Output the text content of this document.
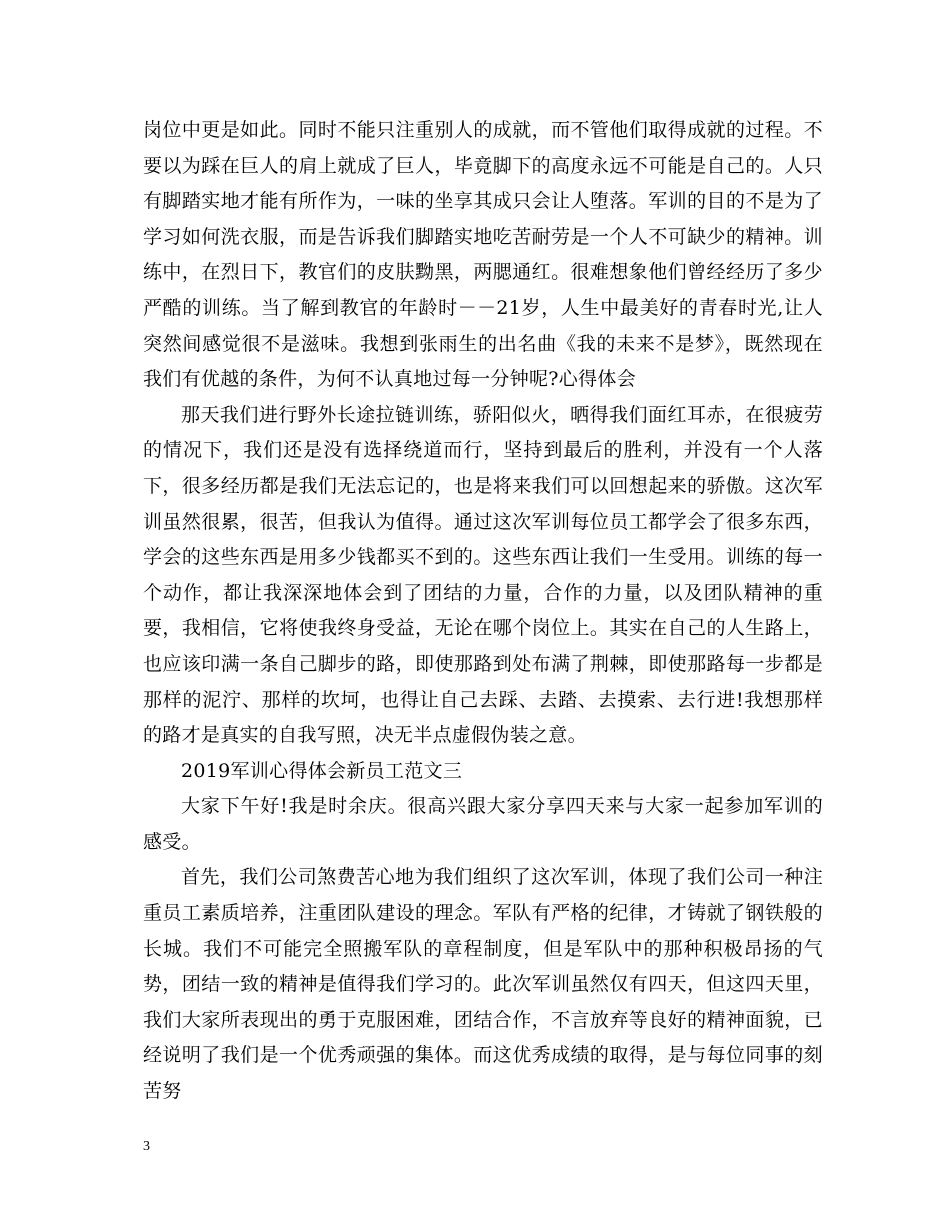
岗位中更是如此。同时不能只注重别人的成就，而不管他们取得成就的过程。不要以为踩在巨人的肩上就成了巨人，毕竟脚下的高度永远不可能是自己的。人只有脚踏实地才能有所作为，一味的坐享其成只会让人堕落。军训的目的不是为了学习如何洗衣服，而是告诉我们脚踏实地吃苦耐劳是一个人不可缺少的精神。训练中，在烈日下，教官们的皮肤黝黑，两腮通红。很难想象他们曾经经历了多少严酷的训练。当了解到教官的年龄时－－21岁，人生中最美好的青春时光,让人突然间感觉很不是滋味。我想到张雨生的出名曲《我的未来不是梦》，既然现在我们有优越的条件，为何不认真地过每一分钟呢?心得体会

那天我们进行野外长途拉链训练，骄阳似火，晒得我们面红耳赤，在很疲劳的情况下，我们还是没有选择绕道而行，坚持到最后的胜利，并没有一个人落下，很多经历都是我们无法忘记的，也是将来我们可以回想起来的骄傲。这次军训虽然很累，很苦，但我认为值得。通过这次军训每位员工都学会了很多东西，学会的这些东西是用多少钱都买不到的。这些东西让我们一生受用。训练的每一个动作，都让我深深地体会到了团结的力量，合作的力量，以及团队精神的重要，我相信，它将使我终身受益，无论在哪个岗位上。其实在自己的人生路上，也应该印满一条自己脚步的路，即使那路到处布满了荆棘，即使那路每一步都是那样的泥泞、那样的坎坷，也得让自己去踩、去踏、去摸索、去行进!我想那样的路才是真实的自我写照，决无半点虚假伪装之意。

2019军训心得体会新员工范文三

大家下午好!我是时余庆。很高兴跟大家分享四天来与大家一起参加军训的感受。

首先，我们公司煞费苦心地为我们组织了这次军训，体现了我们公司一种注重员工素质培养，注重团队建设的理念。军队有严格的纪律，才铸就了钢铁般的长城。我们不可能完全照搬军队的章程制度，但是军队中的那种积极昂扬的气势，团结一致的精神是值得我们学习的。此次军训虽然仅有四天，但这四天里，我们大家所表现出的勇于克服困难，团结合作，不言放弃等良好的精神面貌，已经说明了我们是一个优秀顽强的集体。而这优秀成绩的取得，是与每位同事的刻苦努

3
